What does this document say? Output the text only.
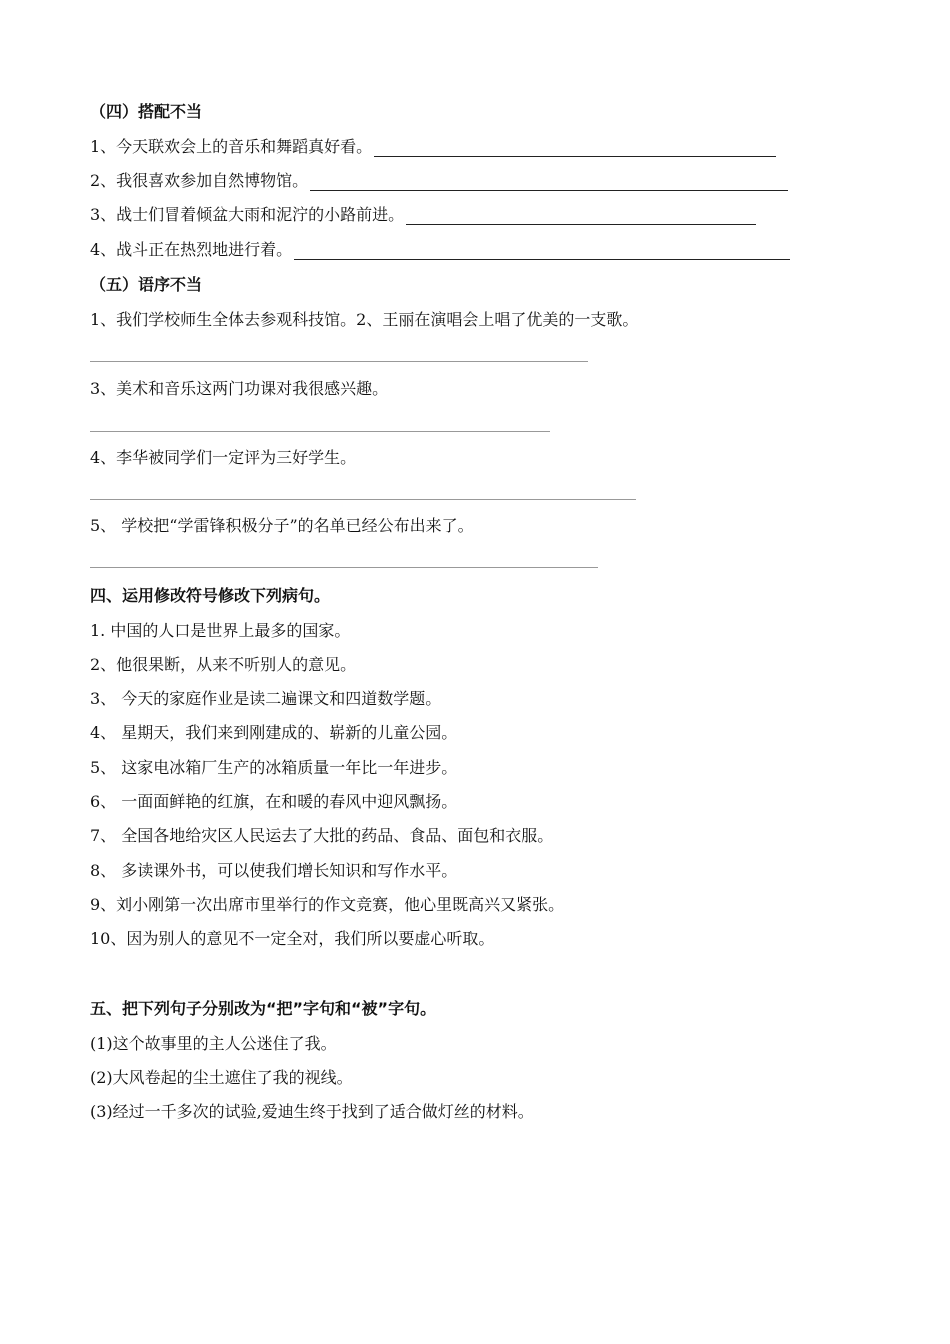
（四）搭配不当
1、今天联欢会上的音乐和舞蹈真好看。
2、我很喜欢参加自然博物馆。
3、战士们冒着倾盆大雨和泥泞的小路前进。
4、战斗正在热烈地进行着。
（五）语序不当
1、我们学校师生全体去参观科技馆。2、王丽在演唱会上唱了优美的一支歌。
3、美术和音乐这两门功课对我很感兴趣。
4、李华被同学们一定评为三好学生。
5、 学校把“学雷锋积极分子”的名单已经公布出来了。
四、运用修改符号修改下列病句。
1. 中国的人口是世界上最多的国家。
2、他很果断，从来不听别人的意见。
3、 今天的家庭作业是读二遍课文和四道数学题。
4、 星期天，我们来到刚建成的、崭新的儿童公园。
5、 这家电冰箱厂生产的冰箱质量一年比一年进步。
6、 一面面鲜艳的红旗，在和暖的春风中迎风飘扬。
7、 全国各地给灾区人民运去了大批的药品、食品、面包和衣服。
8、 多读课外书，可以使我们增长知识和写作水平。
9、刘小刚第一次出席市里举行的作文竞赛，他心里既高兴又紧张。
10、因为别人的意见不一定全对，我们所以要虚心听取。
五、把下列句子分别改为“把”字句和“被”字句。
(1)这个故事里的主人公迷住了我。
(2)大风卷起的尘土遮住了我的视线。
(3)经过一千多次的试验,爱迪生终于找到了适合做灯丝的材料。
